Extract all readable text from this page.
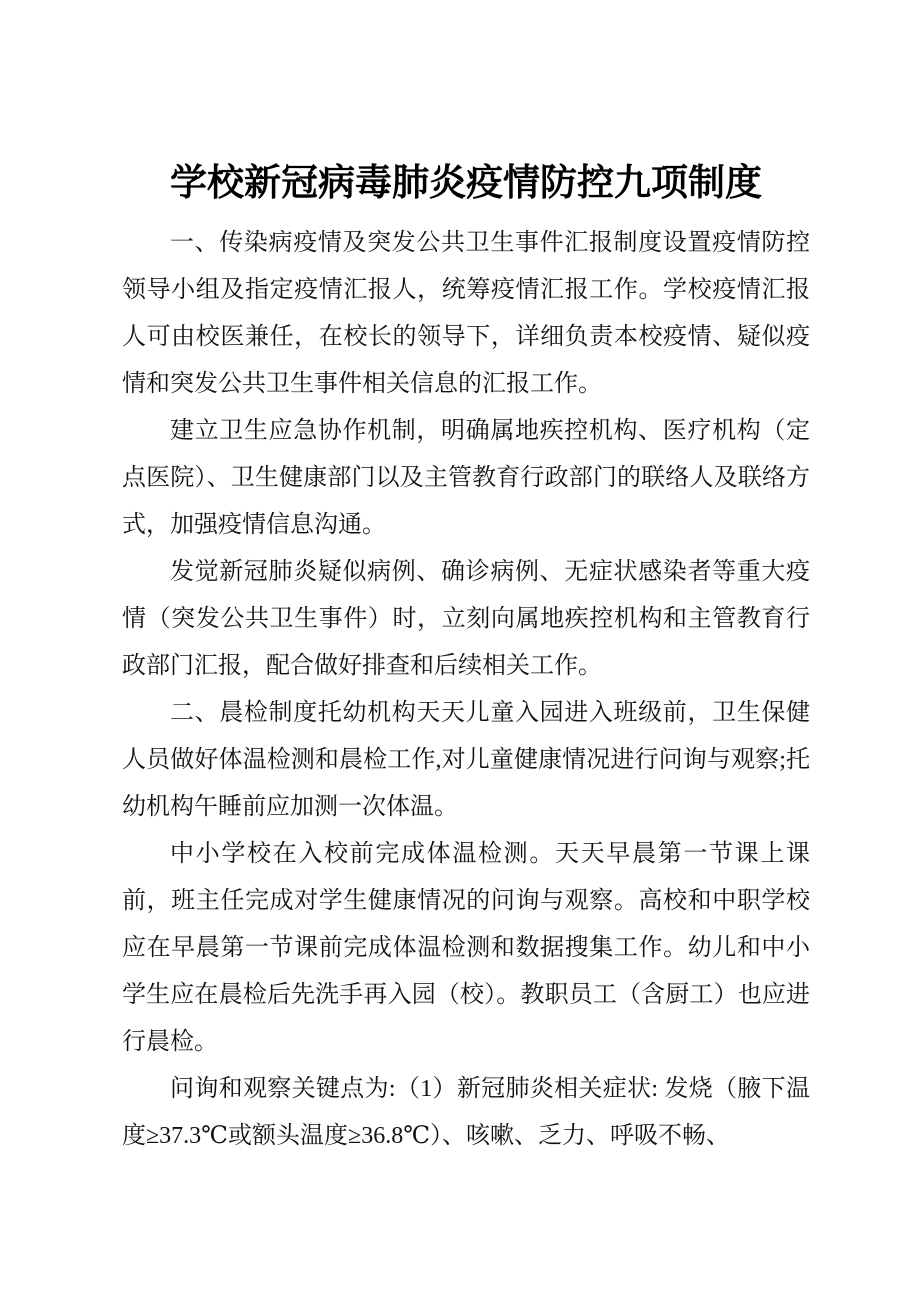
学校新冠病毒肺炎疫情防控九项制度

一、传染病疫情及突发公共卫生事件汇报制度设置疫情防控领导小组及指定疫情汇报人，统筹疫情汇报工作。学校疫情汇报人可由校医兼任，在校长的领导下，详细负责本校疫情、疑似疫情和突发公共卫生事件相关信息的汇报工作。

建立卫生应急协作机制，明确属地疾控机构、医疗机构（定点医院）、卫生健康部门以及主管教育行政部门的联络人及联络方式，加强疫情信息沟通。

发觉新冠肺炎疑似病例、确诊病例、无症状感染者等重大疫情（突发公共卫生事件）时，立刻向属地疾控机构和主管教育行政部门汇报，配合做好排查和后续相关工作。

二、晨检制度托幼机构天天儿童入园进入班级前，卫生保健人员做好体温检测和晨检工作,对儿童健康情况进行问询与观察;托幼机构午睡前应加测一次体温。

中小学校在入校前完成体温检测。天天早晨第一节课上课前，班主任完成对学生健康情况的问询与观察。高校和中职学校应在早晨第一节课前完成体温检测和数据搜集工作。幼儿和中小学生应在晨检后先洗手再入园（校）。教职员工（含厨工）也应进行晨检。

问询和观察关键点为:（1）新冠肺炎相关症状: 发烧（腋下温度≥37.3℃或额头温度≥36.8℃）、咳嗽、乏力、呼吸不畅、
